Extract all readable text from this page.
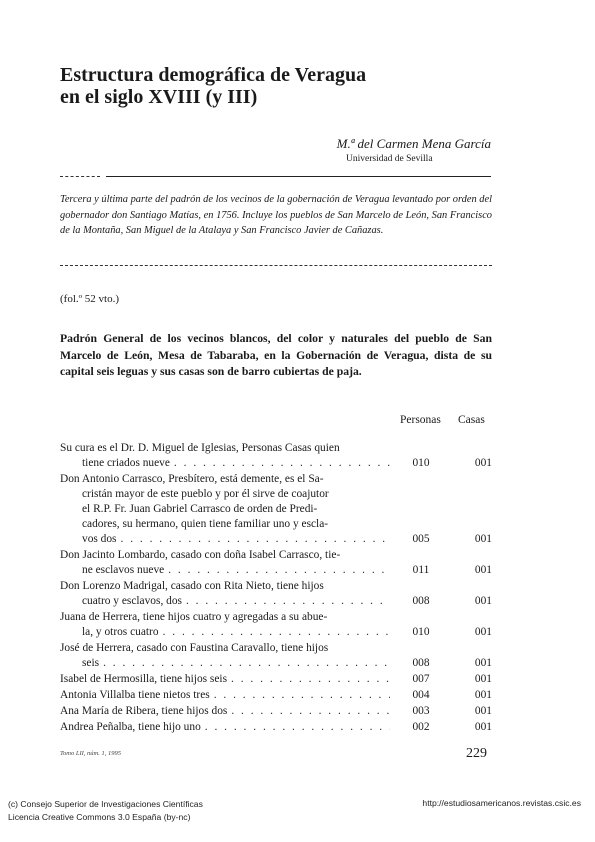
Estructura demográfica de Veragua
en el siglo XVIII (y III)
M.ª del Carmen Mena García
Universidad de Sevilla

Tercera y última parte del padrón de los vecinos de la gobernación de Veragua levantado por orden del gobernador don Santiago Matías, en 1756. Incluye los pueblos de San Marcelo de León, San Francisco de la Montaña, San Miguel de la Atalaya y San Francisco Javier de Cañazas.

(fol.º 52 vto.)

Padrón General de los vecinos blancos, del color y naturales del pueblo de San Marcelo de León, Mesa de Tabaraba, en la Gobernación de Veragua, dista de su capital seis leguas y sus casas son de barro cubiertas de paja.

Personas Casas
Su cura es el Dr. D. Miguel de Iglesias, Personas Casas quien
tiene criados nueve . . .	010	001
Don Antonio Carrasco, Presbítero, está demente, es el Sa-
cristán mayor de este pueblo y por él sirve de coajutor
el R.P. Fr. Juan Gabriel Carrasco de orden de Predi-
cadores, su hermano, quien tiene familiar uno y escla-
vos dos . . .	005	001
Don Jacinto Lombardo, casado con doña Isabel Carrasco, tie-
ne esclavos nueve . . .	011	001
Don Lorenzo Madrigal, casado con Rita Nieto, tiene hijos
cuatro y esclavos, dos . . .	008	001
Juana de Herrera, tiene hijos cuatro y agregadas a su abue-
la, y otros cuatro . . .	010	001
José de Herrera, casado con Faustina Caravallo, tiene hijos
seis . . .	008	001
Isabel de Hermosilla, tiene hijos seis . . .	007	001
Antonia Villalba tiene nietos tres . . .	004	001
Ana María de Ribera, tiene hijos dos . . .	003	001
Andrea Peñalba, tiene hijo uno . . .	002	001
Tomo LII, núm. 1, 1995	229
(c) Consejo Superior de Investigaciones Científicas
Licencia Creative Commons 3.0 España (by-nc)
http://estudiosamericanos.revistas.csic.es
